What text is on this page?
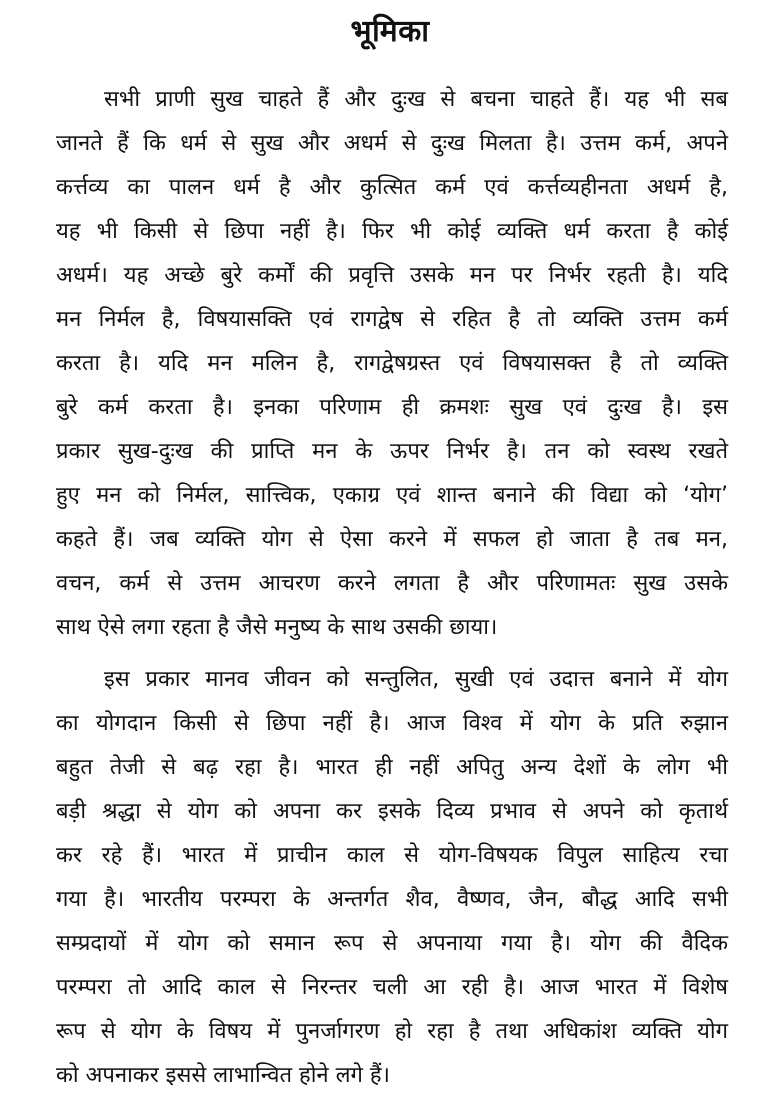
भूमिका
सभी प्राणी सुख चाहते हैं और दुःख से बचना चाहते हैं। यह भी सब
जानते हैं कि धर्म से सुख और अधर्म से दुःख मिलता है। उत्तम कर्म, अपने
कर्त्तव्य का पालन धर्म है और कुत्सित कर्म एवं कर्त्तव्यहीनता अधर्म है,
यह भी किसी से छिपा नहीं है। फिर भी कोई व्यक्ति धर्म करता है कोई
अधर्म। यह अच्छे बुरे कर्मों की प्रवृत्ति उसके मन पर निर्भर रहती है। यदि
मन निर्मल है, विषयासक्ति एवं रागद्वेष से रहित है तो व्यक्ति उत्तम कर्म
करता है। यदि मन मलिन है, रागद्वेषग्रस्त एवं विषयासक्त है तो व्यक्ति
बुरे कर्म करता है। इनका परिणाम ही क्रमशः सुख एवं दुःख है। इस
प्रकार सुख-दुःख की प्राप्ति मन के ऊपर निर्भर है। तन को स्वस्थ रखते
हुए मन को निर्मल, सात्त्विक, एकाग्र एवं शान्त बनाने की विद्या को ‘योग’
कहते हैं। जब व्यक्ति योग से ऐसा करने में सफल हो जाता है तब मन,
वचन, कर्म से उत्तम आचरण करने लगता है और परिणामतः सुख उसके
साथ ऐसे लगा रहता है जैसे मनुष्य के साथ उसकी छाया।
इस प्रकार मानव जीवन को सन्तुलित, सुखी एवं उदात्त बनाने में योग
का योगदान किसी से छिपा नहीं है। आज विश्व में योग के प्रति रुझान
बहुत तेजी से बढ़ रहा है। भारत ही नहीं अपितु अन्य देशों के लोग भी
बड़ी श्रद्धा से योग को अपना कर इसके दिव्य प्रभाव से अपने को कृतार्थ
कर रहे हैं। भारत में प्राचीन काल से योग-विषयक विपुल साहित्य रचा
गया है। भारतीय परम्परा के अन्तर्गत शैव, वैष्णव, जैन, बौद्ध आदि सभी
सम्प्रदायों में योग को समान रूप से अपनाया गया है। योग की वैदिक
परम्परा तो आदि काल से निरन्तर चली आ रही है। आज भारत में विशेष
रूप से योग के विषय में पुनर्जागरण हो रहा है तथा अधिकांश व्यक्ति योग
को अपनाकर इससे लाभान्वित होने लगे हैं।
